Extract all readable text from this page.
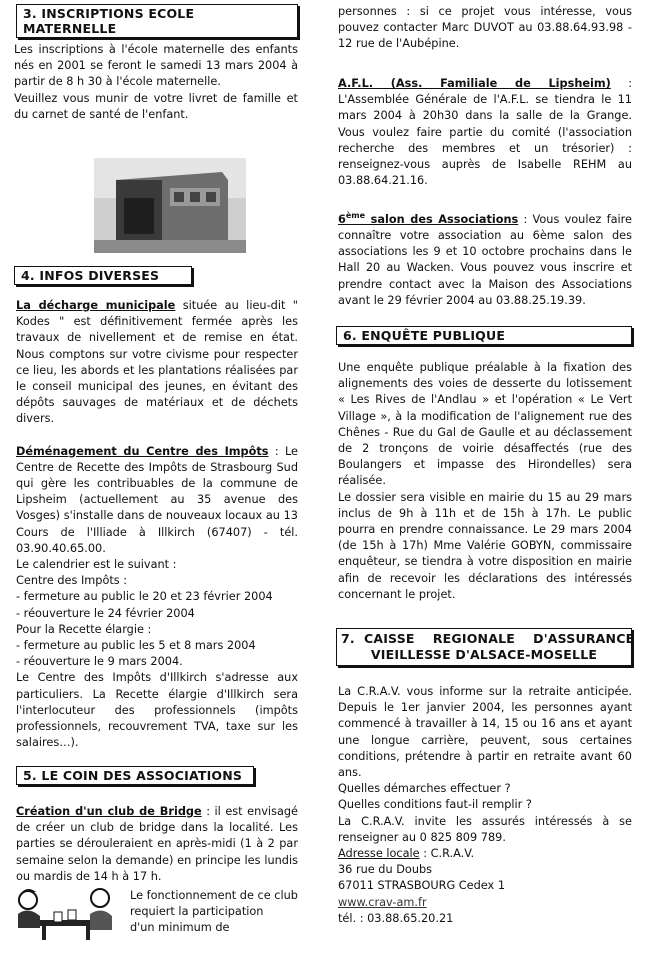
3. INSCRIPTIONS ECOLE MATERNELLE
Les inscriptions à l'école maternelle des enfants nés en 2001 se feront le samedi 13 mars 2004 à partir de 8 h 30 à l'école maternelle.
Veuillez vous munir de votre livret de famille et du carnet de santé de l'enfant.
4. INFOS DIVERSES
La décharge municipale située au lieu-dit " Kodes " est définitivement fermée après les travaux de nivellement et de remise en état. Nous comptons sur votre civisme pour respecter ce lieu, les abords et les plantations réalisées par le conseil municipal des jeunes, en évitant des dépôts sauvages de matériaux et de déchets divers.
Déménagement du Centre des Impôts : Le Centre de Recette des Impôts de Strasbourg Sud qui gère les contribuables de la commune de Lipsheim (actuellement au 35 avenue des Vosges) s'installe dans de nouveaux locaux au 13 Cours de l'Illiade à Illkirch (67407) - tél. 03.90.40.65.00.
Le calendrier est le suivant :
Centre des Impôts :
- fermeture au public le 20 et 23 février 2004
- réouverture le 24 février 2004
Pour la Recette élargie :
- fermeture au public les 5 et 8 mars 2004
- réouverture le 9 mars 2004.
Le Centre des Impôts d'Illkirch s'adresse aux particuliers. La Recette élargie d'Illkirch sera l'interlocuteur des professionnels (impôts professionnels, recouvrement TVA, taxe sur les salaires…).
5. LE COIN DES ASSOCIATIONS
Création d'un club de Bridge : il est envisagé de créer un club de bridge dans la localité. Les parties se dérouleraient en après-midi (1 à 2 par semaine selon la demande) en principe les lundis ou mardis de 14 h à 17 h.
Le fonctionnement de ce club
requiert la participation
d'un minimum de
personnes : si ce projet vous intéresse, vous pouvez contacter Marc DUVOT au 03.88.64.93.98 - 12 rue de l'Aubépine.
A.F.L. (Ass. Familiale de Lipsheim) : L'Assemblée Générale de l'A.F.L. se tiendra le 11 mars 2004 à 20h30 dans la salle de la Grange. Vous voulez faire partie du comité (l'association recherche des membres et un trésorier) : renseignez-vous auprès de Isabelle REHM au 03.88.64.21.16.
6ème salon des Associations : Vous voulez faire connaître votre association au 6ème salon des associations les 9 et 10 octobre prochains dans le Hall 20 au Wacken. Vous pouvez vous inscrire et prendre contact avec la Maison des Associations avant le 29 février 2004 au 03.88.25.19.39.
6. ENQUÊTE PUBLIQUE
Une enquête publique préalable à la fixation des alignements des voies de desserte du lotissement « Les Rives de l'Andlau » et l'opération « Le Vert Village », à la modification de l'alignement rue des Chênes - Rue du Gal de Gaulle et au déclassement de 2 tronçons de voirie désaffectés (rue des Boulangers et impasse des Hirondelles) sera réalisée.
Le dossier sera visible en mairie du 15 au 29 mars inclus de 9h à 11h et de 15h à 17h. Le public pourra en prendre connaissance. Le 29 mars 2004 (de 15h à 17h) Mme Valérie GOBYN, commissaire enquêteur, se tiendra à votre disposition en mairie afin de recevoir les déclarations des intéressés concernant le projet.
7.  CAISSE    REGIONALE    D'ASSURANCE
VIEILLESSE D'ALSACE-MOSELLE
La C.R.A.V. vous informe sur la retraite anticipée. Depuis le 1er janvier 2004, les personnes ayant commencé à travailler à 14, 15 ou 16 ans et ayant une longue carrière, peuvent, sous certaines conditions, prétendre à partir en retraite avant 60 ans.
Quelles démarches effectuer ?
Quelles conditions faut-il remplir ?
La C.R.A.V. invite les assurés intéressés à se renseigner au 0 825 809 789.
Adresse locale : C.R.A.V.
36 rue du Doubs
67011 STRASBOURG Cedex 1
www.crav-am.fr
tél. : 03.88.65.20.21
